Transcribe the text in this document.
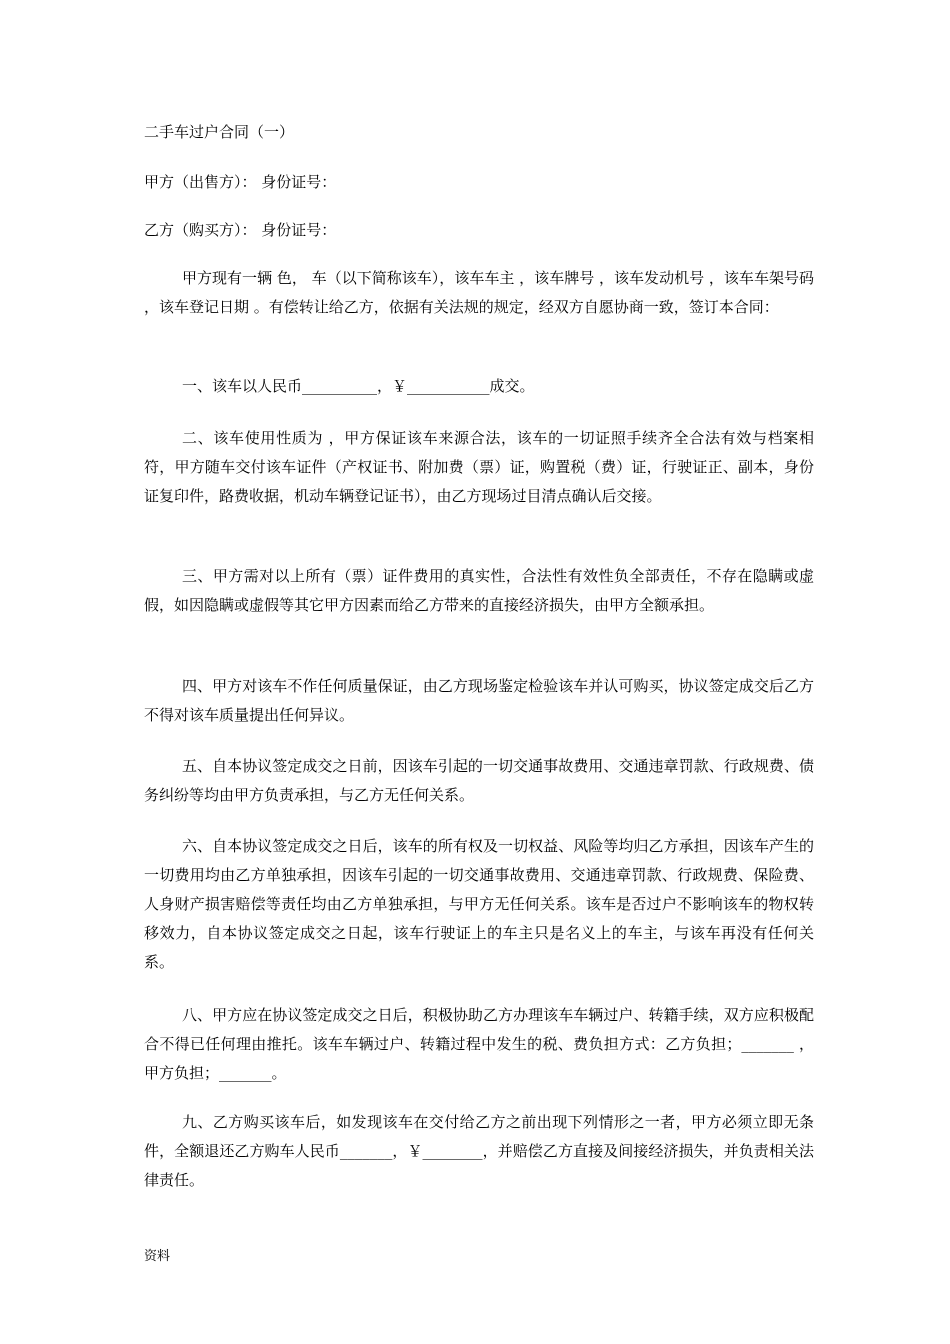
二手车过户合同（一）
甲方（出售方）： 身份证号：
乙方（购买方）： 身份证号：
甲方现有一辆 色， 车（以下简称该车），该车车主 ，该车牌号 ，该车发动机号 ，该车车架号码 ，该车登记日期 。有偿转让给乙方，依据有关法规的规定，经双方自愿协商一致，签订本合同：
一、该车以人民币__________，￥___________成交。
二、该车使用性质为 ，甲方保证该车来源合法，该车的一切证照手续齐全合法有效与档案相符，甲方随车交付该车证件（产权证书、附加费（票）证，购置税（费）证，行驶证正、副本，身份证复印件，路费收据，机动车辆登记证书），由乙方现场过目清点确认后交接。
三、甲方需对以上所有（票）证件费用的真实性，合法性有效性负全部责任，不存在隐瞒或虚假，如因隐瞒或虚假等其它甲方因素而给乙方带来的直接经济损失，由甲方全额承担。
四、甲方对该车不作任何质量保证，由乙方现场鉴定检验该车并认可购买，协议签定成交后乙方不得对该车质量提出任何异议。
五、自本协议签定成交之日前，因该车引起的一切交通事故费用、交通违章罚款、行政规费、债务纠纷等均由甲方负责承担，与乙方无任何关系。
六、自本协议签定成交之日后，该车的所有权及一切权益、风险等均归乙方承担，因该车产生的一切费用均由乙方单独承担，因该车引起的一切交通事故费用、交通违章罚款、行政规费、保险费、人身财产损害赔偿等责任均由乙方单独承担，与甲方无任何关系。该车是否过户不影响该车的物权转移效力，自本协议签定成交之日起，该车行驶证上的车主只是名义上的车主，与该车再没有任何关系。
八、甲方应在协议签定成交之日后，积极协助乙方办理该车车辆过户、转籍手续，双方应积极配合不得已任何理由推托。该车车辆过户、转籍过程中发生的税、费负担方式：乙方负担；_______ ，甲方负担；_______。
九、乙方购买该车后，如发现该车在交付给乙方之前出现下列情形之一者，甲方必须立即无条件，全额退还乙方购车人民币_______，￥________，并赔偿乙方直接及间接经济损失，并负责相关法律责任。
资料
